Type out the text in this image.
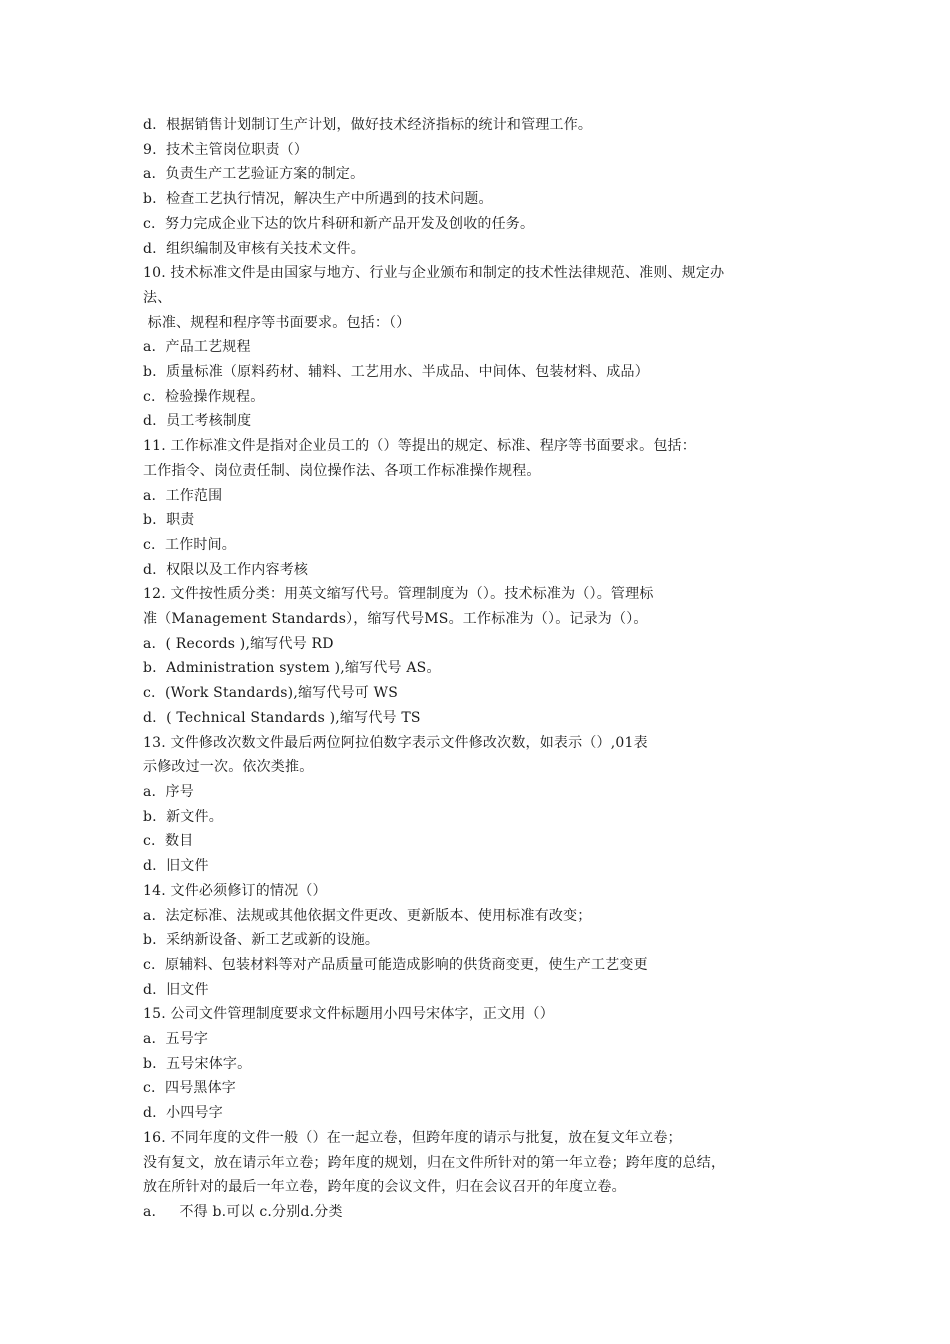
d.  根据销售计划制订生产计划，做好技术经济指标的统计和管理工作。
9.  技术主管岗位职责（）
a.  负责生产工艺验证方案的制定。
b.  检查工艺执行情况，解决生产中所遇到的技术问题。
c.  努力完成企业下达的饮片科研和新产品开发及创收的任务。
d.  组织编制及审核有关技术文件。
10. 技术标准文件是由国家与地方、行业与企业颁布和制定的技术性法律规范、准则、规定办
法、
标准、规程和程序等书面要求。包括：（）
a.  产品工艺规程
b.  质量标准（原料药材、辅料、工艺用水、半成品、中间体、包装材料、成品）
c.  检验操作规程。
d.  员工考核制度
11. 工作标准文件是指对企业员工的（）等提出的规定、标准、程序等书面要求。包括：
工作指令、岗位责任制、岗位操作法、各项工作标准操作规程。
a.  工作范围
b.  职责
c.  工作时间。
d.  权限以及工作内容考核
12. 文件按性质分类：用英文缩写代号。管理制度为（）。技术标准为（）。管理标
准（Management Standards），缩写代号MS。工作标准为（）。记录为（）。
a.  ( Records ),缩写代号 RD
b.  Administration system ),缩写代号 AS。
c.  (Work Standards),缩写代号可 WS
d.  ( Technical Standards ),缩写代号 TS
13. 文件修改次数文件最后两位阿拉伯数字表示文件修改次数，如表示（）,01表
示修改过一次。依次类推。
a.  序号
b.  新文件。
c.  数目
d.  旧文件
14. 文件必须修订的情况（）
a.  法定标准、法规或其他依据文件更改、更新版本、使用标准有改变；
b.  采纳新设备、新工艺或新的设施。
c.  原辅料、包装材料等对产品质量可能造成影响的供货商变更，使生产工艺变更
d.  旧文件
15. 公司文件管理制度要求文件标题用小四号宋体字，正文用（）
a.  五号字
b.  五号宋体字。
c.  四号黑体字
d.  小四号字
16. 不同年度的文件一般（）在一起立卷，但跨年度的请示与批复，放在复文年立卷；
没有复文，放在请示年立卷；跨年度的规划，归在文件所针对的第一年立卷；跨年度的总结，
放在所针对的最后一年立卷，跨年度的会议文件，归在会议召开的年度立卷。
a.     不得 b.可以 c.分别d.分类
